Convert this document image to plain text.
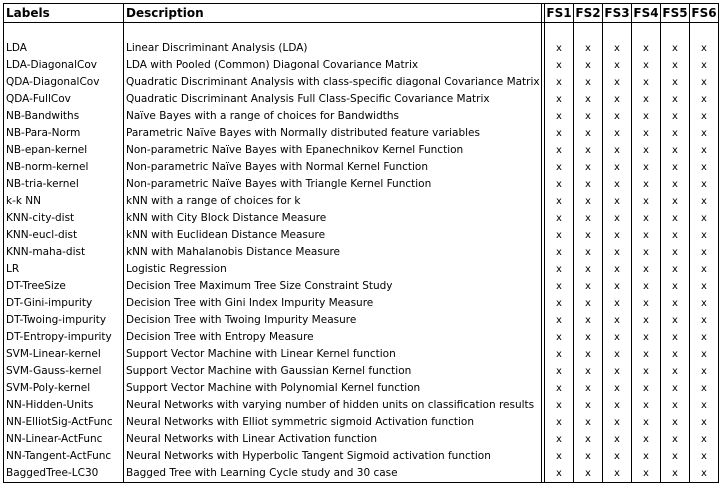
Labels	Description		FS1	FS2	FS3	FS4	FS5	FS6

LDA	Linear Discriminant Analysis (LDA)		x	x	x	x	x	x
LDA-DiagonalCov	LDA with Pooled (Common) Diagonal Covariance Matrix		x	x	x	x	x	x
QDA-DiagonalCov	Quadratic Discriminant Analysis with class-specific diagonal Covariance Matrix		x	x	x	x	x	x
QDA-FullCov	Quadratic Discriminant Analysis Full Class-Specific Covariance Matrix		x	x	x	x	x	x
NB-Bandwiths	Naïve Bayes with a range of choices for Bandwidths		x	x	x	x	x	x
NB-Para-Norm	Parametric Naïve Bayes with Normally distributed feature variables		x	x	x	x	x	x
NB-epan-kernel	Non-parametric Naïve Bayes with Epanechnikov Kernel Function		x	x	x	x	x	x
NB-norm-kernel	Non-parametric Naïve Bayes with Normal Kernel Function		x	x	x	x	x	x
NB-tria-kernel	Non-parametric Naïve Bayes with Triangle Kernel Function		x	x	x	x	x	x
k-k NN	kNN with a range of choices for k		x	x	x	x	x	x
KNN-city-dist	kNN with City Block Distance Measure		x	x	x	x	x	x
KNN-eucl-dist	kNN with Euclidean Distance Measure		x	x	x	x	x	x
KNN-maha-dist	kNN with Mahalanobis Distance Measure		x	x	x	x	x	x
LR	Logistic Regression		x	x	x	x	x	x
DT-TreeSize	Decision Tree Maximum Tree Size Constraint Study		x	x	x	x	x	x
DT-Gini-impurity	Decision Tree with Gini Index Impurity Measure		x	x	x	x	x	x
DT-Twoing-impurity	Decision Tree with Twoing Impurity Measure		x	x	x	x	x	x
DT-Entropy-impurity	Decision Tree with Entropy Measure		x	x	x	x	x	x
SVM-Linear-kernel	Support Vector Machine with Linear Kernel function		x	x	x	x	x	x
SVM-Gauss-kernel	Support Vector Machine with Gaussian Kernel function		x	x	x	x	x	x
SVM-Poly-kernel	Support Vector Machine with Polynomial Kernel function		x	x	x	x	x	x
NN-Hidden-Units	Neural Networks with varying number of hidden units on classification results		x	x	x	x	x	x
NN-ElliotSig-ActFunc	Neural Networks with Elliot symmetric sigmoid Activation function		x	x	x	x	x	x
NN-Linear-ActFunc	Neural Networks with Linear Activation function		x	x	x	x	x	x
NN-Tangent-ActFunc	Neural Networks with Hyperbolic Tangent Sigmoid activation function		x	x	x	x	x	x
BaggedTree-LC30	Bagged Tree with Learning Cycle study and 30 case		x	x	x	x	x	x
